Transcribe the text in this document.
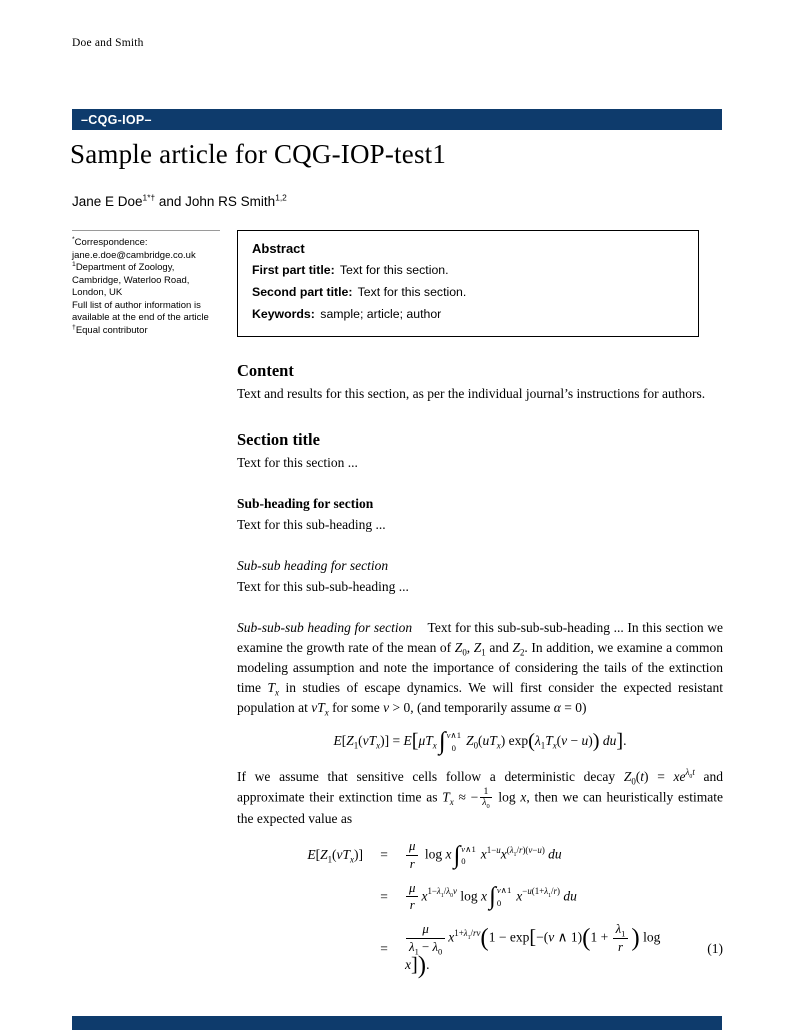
Doe and Smith
–CQG-IOP–
Sample article for CQG-IOP-test1
Jane E Doe$^{1*\dagger}$ and John RS Smith$^{1,2}$
*Correspondence:
jane.e.doe@cambridge.co.uk
$^1$Department of Zoology,
Cambridge, Waterloo Road,
London, UK
Full list of author information is
available at the end of the article
†Equal contributor
Abstract
First part title: Text for this section.
Second part title: Text for this section.
Keywords: sample; article; author
Content

Text and results for this section, as per the individual journal’s instructions for authors.

Section title

Text for this section ...

Sub-heading for section

Text for this sub-heading ...

Sub-sub heading for section

Text for this sub-sub-heading ...

Sub-sub-sub heading for section Text for this sub-sub-sub-heading ... In this section we examine the growth rate of the mean of $Z_0$, $Z_1$ and $Z_2$. In addition, we examine a common modeling assumption and note the importance of considering the tails of the extinction time $T_x$ in studies of escape dynamics. We will first consider the expected resistant population at $vT_x$ for some v > 0, (and temporarily assume α = 0)

$E[Z_1(vT_x)] = E[\mu T_x\int$ v∧1
0
$Z_0(uT_x) \exp(\lambda_1T_x(v - u))$ du].

If we assume that sensitive cells follow a deterministic decay $Z_0(t) = xe^{\lambda_0t}$ and approximate their extinction time as $T_x$ ≈ − $\frac{1}{\lambda_0}$ log x, then we can heuristically estimate the expected value as

$E[Z_1(vT_x)]$	=	$\frac{\mu}{r}$ log x∫ v∧1
0
$x^{1-u}x^{(\lambda_1/r)(v-u)}$ du
=	$\frac{\mu}{r} x^{1-\lambda_1/\lambda_0v}$ log x∫ v∧1
0
$x^{-u(1+\lambda_1/r)}$ du
=	$\frac{\mu}{\lambda_1 - \lambda_0} x^{1+\lambda_1/rv}(1 - \exp[-(v$ ∧ $1)(1 + \frac{\lambda_1}{r}$ ) log x]).
(1)
